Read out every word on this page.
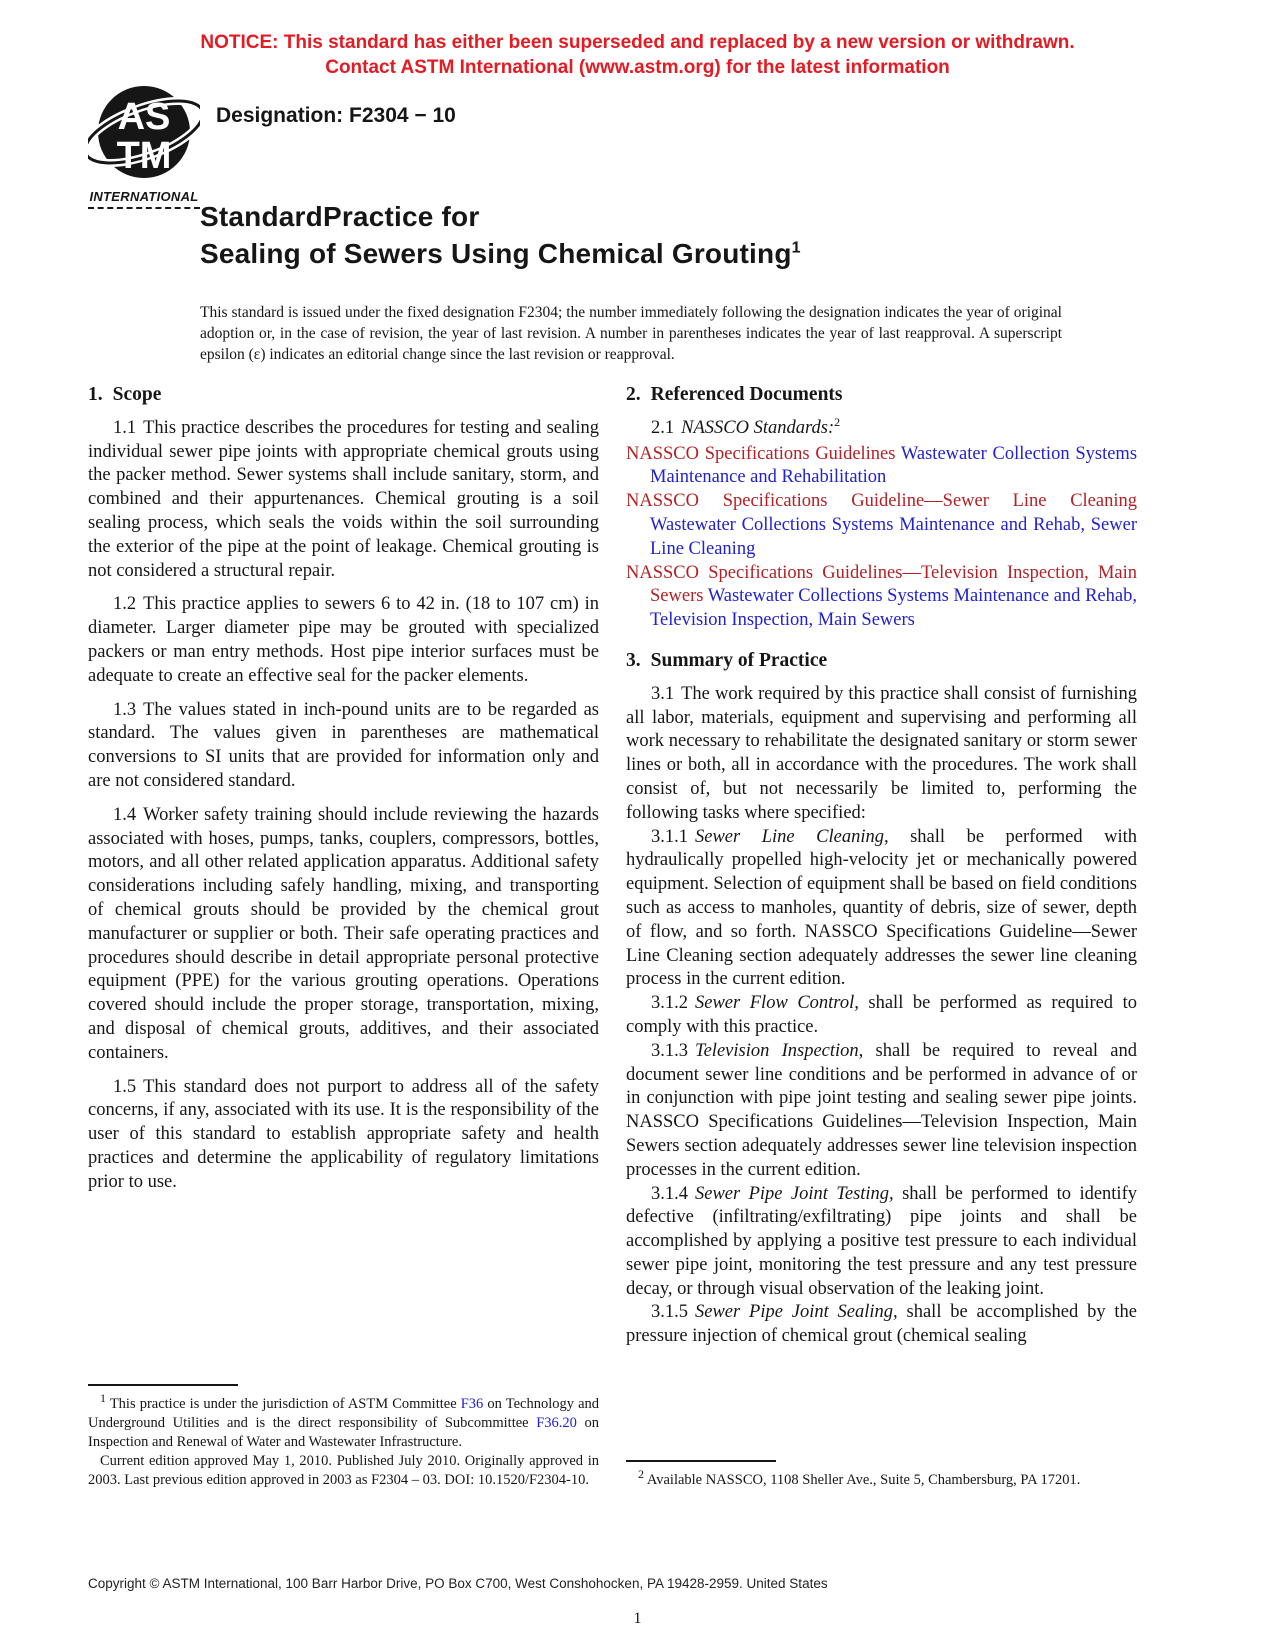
NOTICE: This standard has either been superseded and replaced by a new version or withdrawn.
Contact ASTM International (www.astm.org) for the latest information
AS
TM
INTERNATIONAL
Designation: F2304 − 10
StandardPractice for
Sealing of Sewers Using Chemical Grouting$^1$

This standard is issued under the fixed designation F2304; the number immediately following the designation indicates the year of original adoption or, in the case of revision, the year of last revision. A number in parentheses indicates the year of last reapproval. A superscript epsilon (ε) indicates an editorial change since the last revision or reapproval.

1. Scope

1.1 This practice describes the procedures for testing and sealing individual sewer pipe joints with appropriate chemical grouts using the packer method. Sewer systems shall include sanitary, storm, and combined and their appurtenances. Chemical grouting is a soil sealing process, which seals the voids within the soil surrounding the exterior of the pipe at the point of leakage. Chemical grouting is not considered a structural repair.

1.2 This practice applies to sewers 6 to 42 in. (18 to 107 cm) in diameter. Larger diameter pipe may be grouted with specialized packers or man entry methods. Host pipe interior surfaces must be adequate to create an effective seal for the packer elements.

1.3 The values stated in inch-pound units are to be regarded as standard. The values given in parentheses are mathematical conversions to SI units that are provided for information only and are not considered standard.

1.4 Worker safety training should include reviewing the hazards associated with hoses, pumps, tanks, couplers, compressors, bottles, motors, and all other related application apparatus. Additional safety considerations including safely handling, mixing, and transporting of chemical grouts should be provided by the chemical grout manufacturer or supplier or both. Their safe operating practices and procedures should describe in detail appropriate personal protective equipment (PPE) for the various grouting operations. Operations covered should include the proper storage, transportation, mixing, and disposal of chemical grouts, additives, and their associated containers.

1.5 This standard does not purport to address all of the safety concerns, if any, associated with its use. It is the responsibility of the user of this standard to establish appropriate safety and health practices and determine the applicability of regulatory limitations prior to use.

$^1$ This practice is under the jurisdiction of ASTM Committee F36 on Technology and Underground Utilities and is the direct responsibility of Subcommittee F36.20 on Inspection and Renewal of Water and Wastewater Infrastructure.

Current edition approved May 1, 2010. Published July 2010. Originally approved in 2003. Last previous edition approved in 2003 as F2304 – 03. DOI: 10.1520/F2304-10.

2. Referenced Documents

2.1 NASSCO Standards:$^2$

NASSCO Specifications Guidelines Wastewater Collection Systems Maintenance and Rehabilitation

NASSCO Specifications Guideline—Sewer Line Cleaning Wastewater Collections Systems Maintenance and Rehab, Sewer Line Cleaning

NASSCO Specifications Guidelines—Television Inspection, Main Sewers Wastewater Collections Systems Maintenance and Rehab, Television Inspection, Main Sewers

3. Summary of Practice

3.1 The work required by this practice shall consist of furnishing all labor, materials, equipment and supervising and performing all work necessary to rehabilitate the designated sanitary or storm sewer lines or both, all in accordance with the procedures. The work shall consist of, but not necessarily be limited to, performing the following tasks where specified:

3.1.1 Sewer Line Cleaning, shall be performed with hydraulically propelled high-velocity jet or mechanically powered equipment. Selection of equipment shall be based on field conditions such as access to manholes, quantity of debris, size of sewer, depth of flow, and so forth. NASSCO Specifications Guideline—Sewer Line Cleaning section adequately addresses the sewer line cleaning process in the current edition.

3.1.2 Sewer Flow Control, shall be performed as required to comply with this practice.

3.1.3 Television Inspection, shall be required to reveal and document sewer line conditions and be performed in advance of or in conjunction with pipe joint testing and sealing sewer pipe joints. NASSCO Specifications Guidelines—Television Inspection, Main Sewers section adequately addresses sewer line television inspection processes in the current edition.

3.1.4 Sewer Pipe Joint Testing, shall be performed to identify defective (infiltrating/exfiltrating) pipe joints and shall be accomplished by applying a positive test pressure to each individual sewer pipe joint, monitoring the test pressure and any test pressure decay, or through visual observation of the leaking joint.

3.1.5 Sewer Pipe Joint Sealing, shall be accomplished by the pressure injection of chemical grout (chemical sealing

$^2$ Available NASSCO, 1108 Sheller Ave., Suite 5, Chambersburg, PA 17201.

Copyright © ASTM International, 100 Barr Harbor Drive, PO Box C700, West Conshohocken, PA 19428-2959. United States
1
